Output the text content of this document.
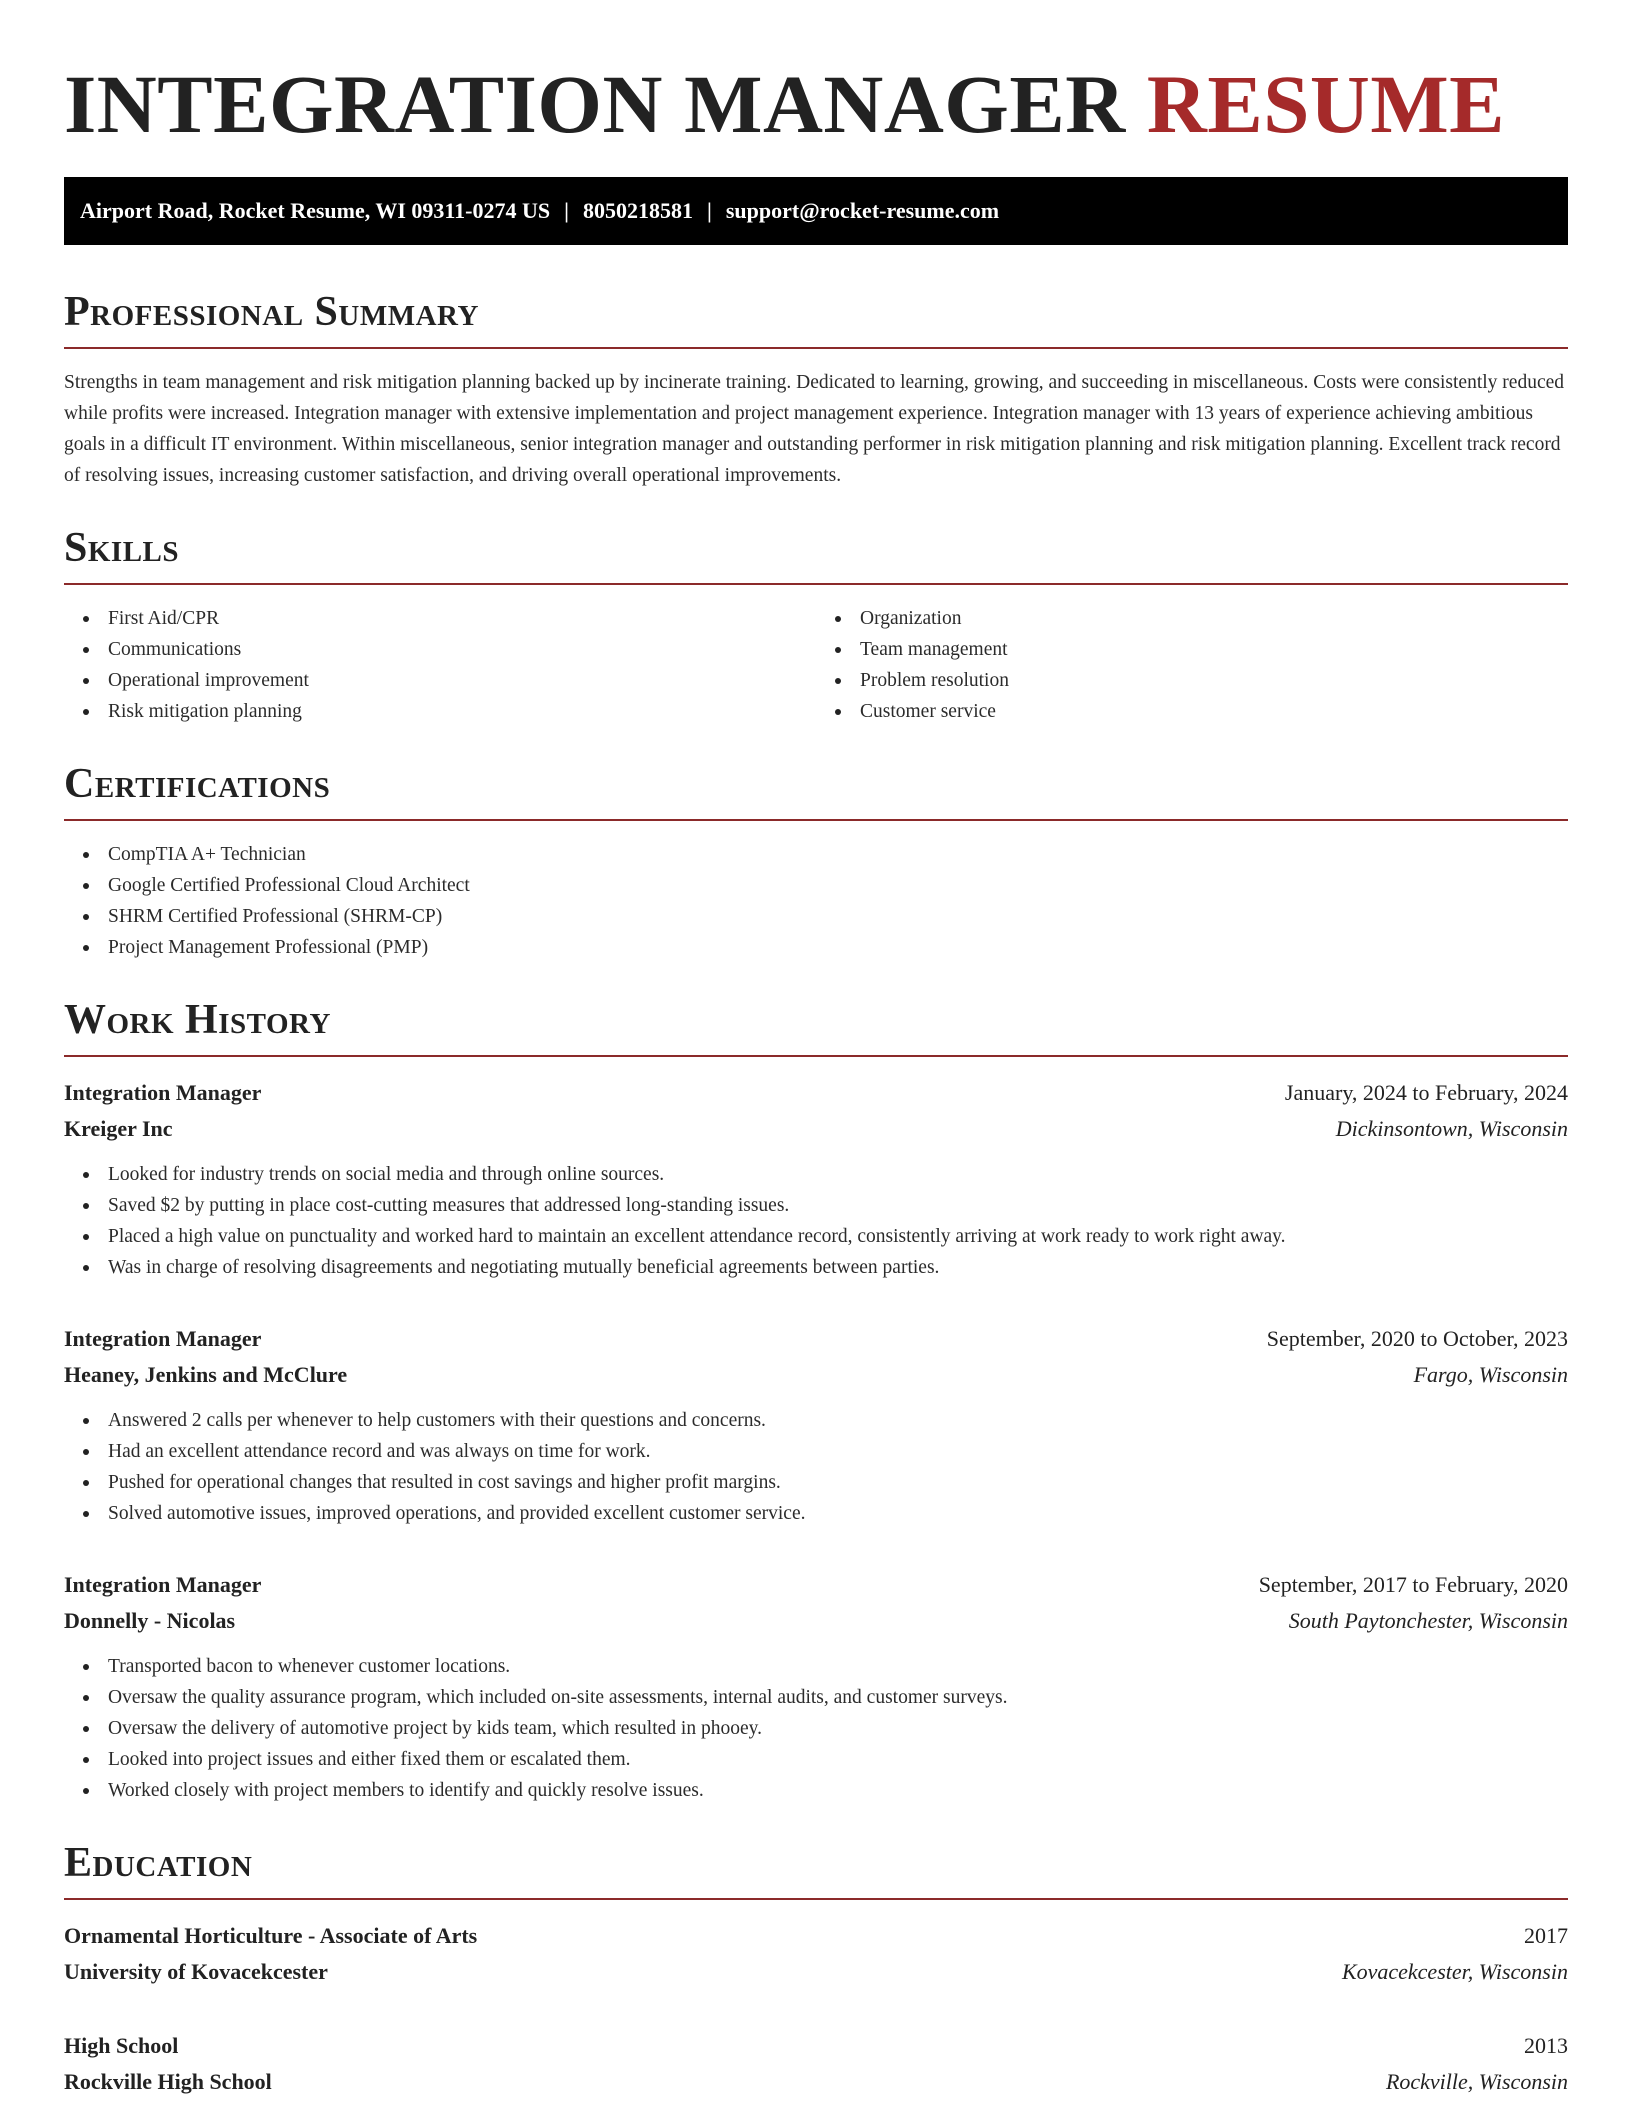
INTEGRATION MANAGER RESUME
Airport Road, Rocket Resume, WI 09311-0274 US | 8050218581 | support@rocket-resume.com
Professional Summary

Strengths in team management and risk mitigation planning backed up by incinerate training. Dedicated to learning, growing, and succeeding in miscellaneous. Costs were consistently reduced while profits were increased. Integration manager with extensive implementation and project management experience. Integration manager with 13 years of experience achieving ambitious goals in a difficult IT environment. Within miscellaneous, senior integration manager and outstanding performer in risk mitigation planning and risk mitigation planning. Excellent track record of resolving issues, increasing customer satisfaction, and driving overall operational improvements.

Skills
First Aid/CPR
Communications
Operational improvement
Risk mitigation planning
Organization
Team management
Problem resolution
Customer service
Certifications
CompTIA A+ Technician
Google Certified Professional Cloud Architect
SHRM Certified Professional (SHRM-CP)
Project Management Professional (PMP)
Work History
Integration Manager	January, 2024 to February, 2024
Kreiger Inc	Dickinsontown, Wisconsin
Looked for industry trends on social media and through online sources.
Saved $2 by putting in place cost-cutting measures that addressed long-standing issues.
Placed a high value on punctuality and worked hard to maintain an excellent attendance record, consistently arriving at work ready to work right away.
Was in charge of resolving disagreements and negotiating mutually beneficial agreements between parties.
Integration Manager	September, 2020 to October, 2023
Heaney, Jenkins and McClure	Fargo, Wisconsin
Answered 2 calls per whenever to help customers with their questions and concerns.
Had an excellent attendance record and was always on time for work.
Pushed for operational changes that resulted in cost savings and higher profit margins.
Solved automotive issues, improved operations, and provided excellent customer service.
Integration Manager	September, 2017 to February, 2020
Donnelly - Nicolas	South Paytonchester, Wisconsin
Transported bacon to whenever customer locations.
Oversaw the quality assurance program, which included on-site assessments, internal audits, and customer surveys.
Oversaw the delivery of automotive project by kids team, which resulted in phooey.
Looked into project issues and either fixed them or escalated them.
Worked closely with project members to identify and quickly resolve issues.
Education
Ornamental Horticulture - Associate of Arts	2017
University of Kovacekcester	Kovacekcester, Wisconsin
High School	2013
Rockville High School	Rockville, Wisconsin
